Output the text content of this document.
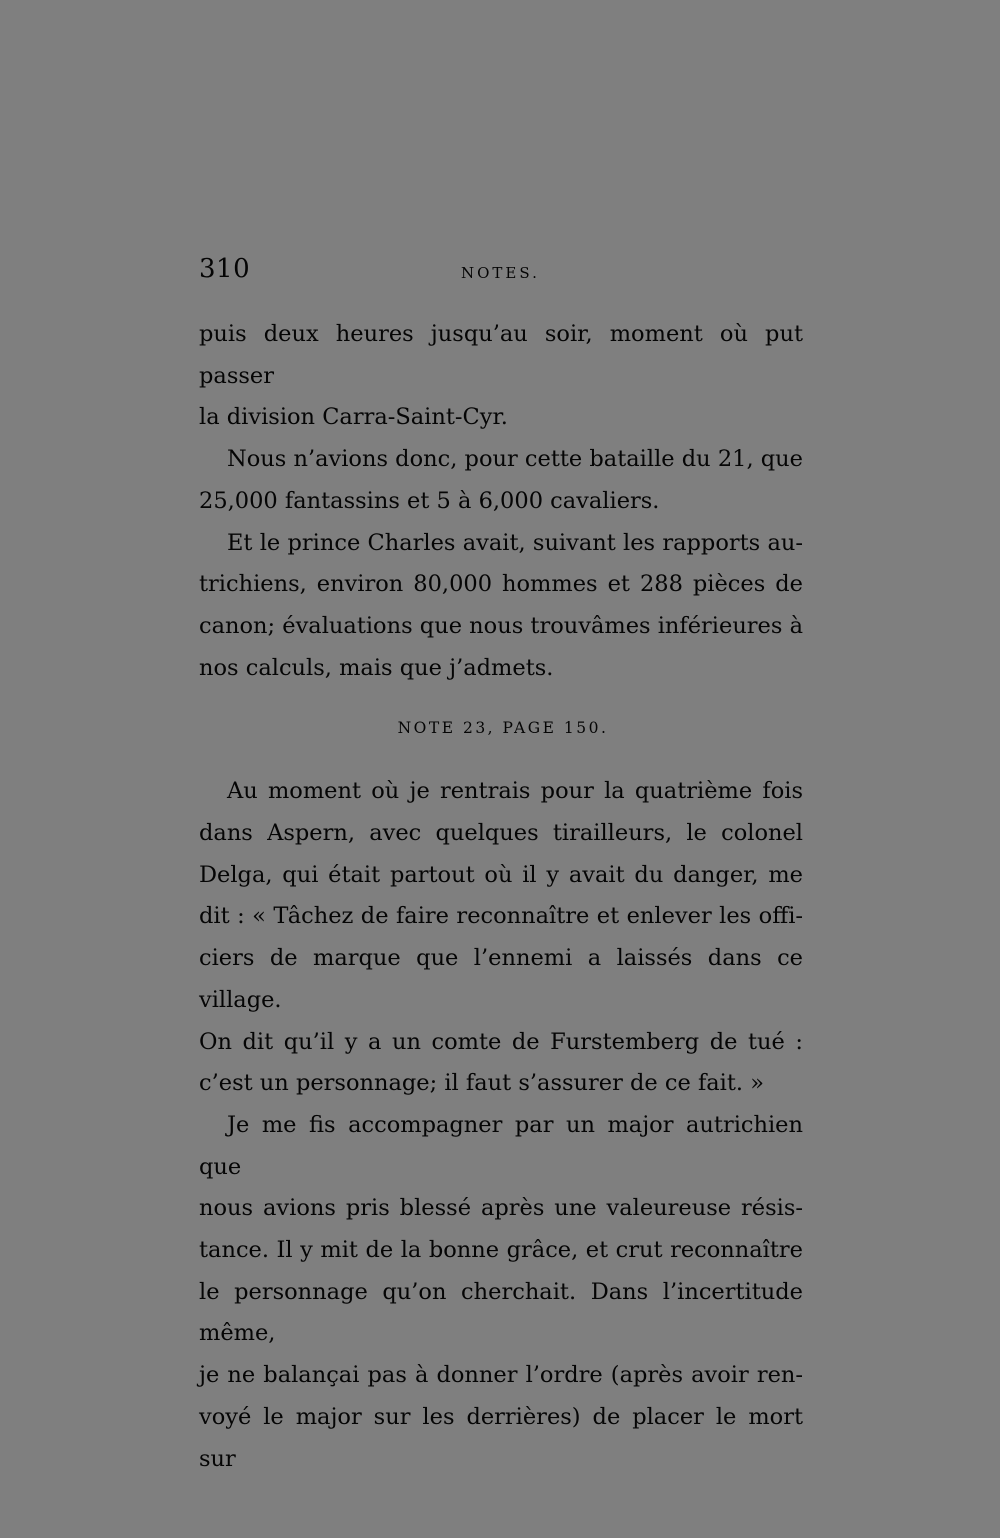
310	NOTES.

puis deux heures jusqu’au soir, moment où put passer

la division Carra-Saint-Cyr.

Nous n’avions donc, pour cette bataille du 21, que

25,000 fantassins et 5 à 6,000 cavaliers.

Et le prince Charles avait, suivant les rapports au-

trichiens, environ 80,000 hommes et 288 pièces de

canon; évaluations que nous trouvâmes inférieures à

nos calculs, mais que j’admets.

NOTE 23, PAGE 150.

Au moment où je rentrais pour la quatrième fois

dans Aspern, avec quelques tirailleurs, le colonel

Delga, qui était partout où il y avait du danger, me

dit : « Tâchez de faire reconnaître et enlever les offi-

ciers de marque que l’ennemi a laissés dans ce village.

On dit qu’il y a un comte de Furstemberg de tué :

c’est un personnage; il faut s’assurer de ce fait. »

Je me fis accompagner par un major autrichien que

nous avions pris blessé après une valeureuse résis-

tance. Il y mit de la bonne grâce, et crut reconnaître

le personnage qu’on cherchait. Dans l’incertitude même,

je ne balançai pas à donner l’ordre (après avoir ren-

voyé le major sur les derrières) de placer le mort sur
